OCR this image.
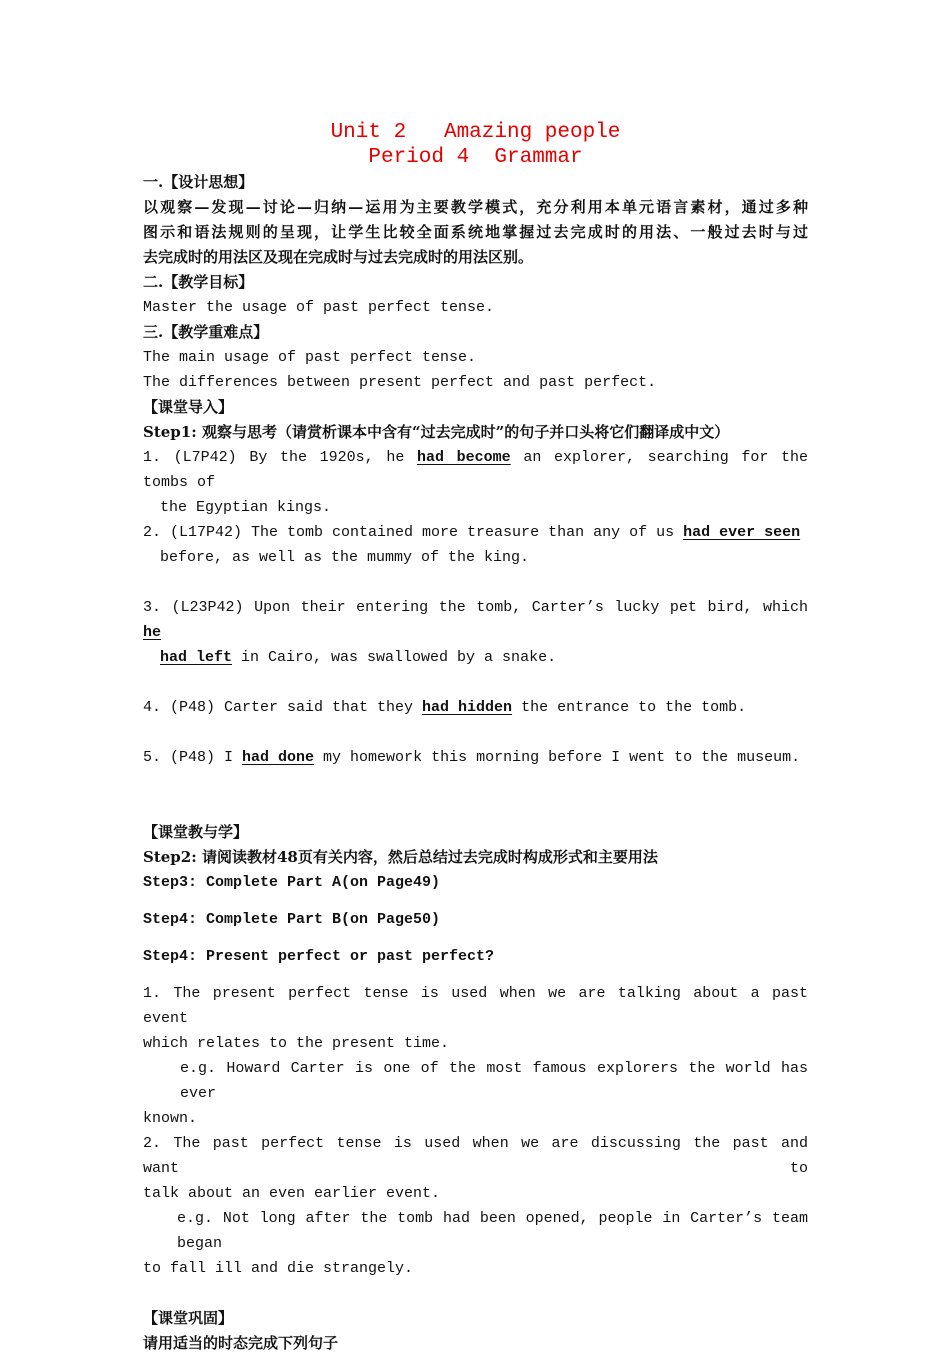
Unit 2   Amazing people
Period 4  Grammar
一.【设计思想】
以观察—发现—讨论—归纳—运用为主要教学模式，充分利用本单元语言素材，通过多种
图示和语法规则的呈现，让学生比较全面系统地掌握过去完成时的用法、一般过去时与过
去完成时的用法区及现在完成时与过去完成时的用法区别。
二.【教学目标】
Master the usage of past perfect tense.
三.【教学重难点】
The main usage of past perfect tense.
The differences between present perfect and past perfect.
【课堂导入】
Step1: 观察与思考（请赏析课本中含有“过去完成时”的句子并口头将它们翻译成中文）
1. (L7P42) By the 1920s, he had become an explorer, searching for the tombs of
the Egyptian kings.
2. (L17P42) The tomb contained more treasure than any of us had ever seen
before, as well as the mummy of the king.
3. (L23P42) Upon their entering the tomb, Carter’s lucky pet bird, which he
had left in Cairo, was swallowed by a snake.
4. (P48) Carter said that they had hidden the entrance to the tomb.
5. (P48) I had done my homework this morning before I went to the museum.
【课堂教与学】
Step2: 请阅读教材48页有关内容，然后总结过去完成时构成形式和主要用法
Step3: Complete Part A(on Page49)
Step4: Complete Part B(on Page50)
Step4: Present perfect or past perfect?
1. The present perfect tense is used when we are talking about a past event
which relates to the present time.
e.g. Howard Carter is one of the most famous explorers the world has ever
known.
2. The past perfect tense is used when we are discussing the past and want to
talk about an even earlier event.
e.g. Not long after the tomb had been opened, people in Carter’s team began
to fall ill and die strangely.
【课堂巩固】
请用适当的时态完成下列句子
